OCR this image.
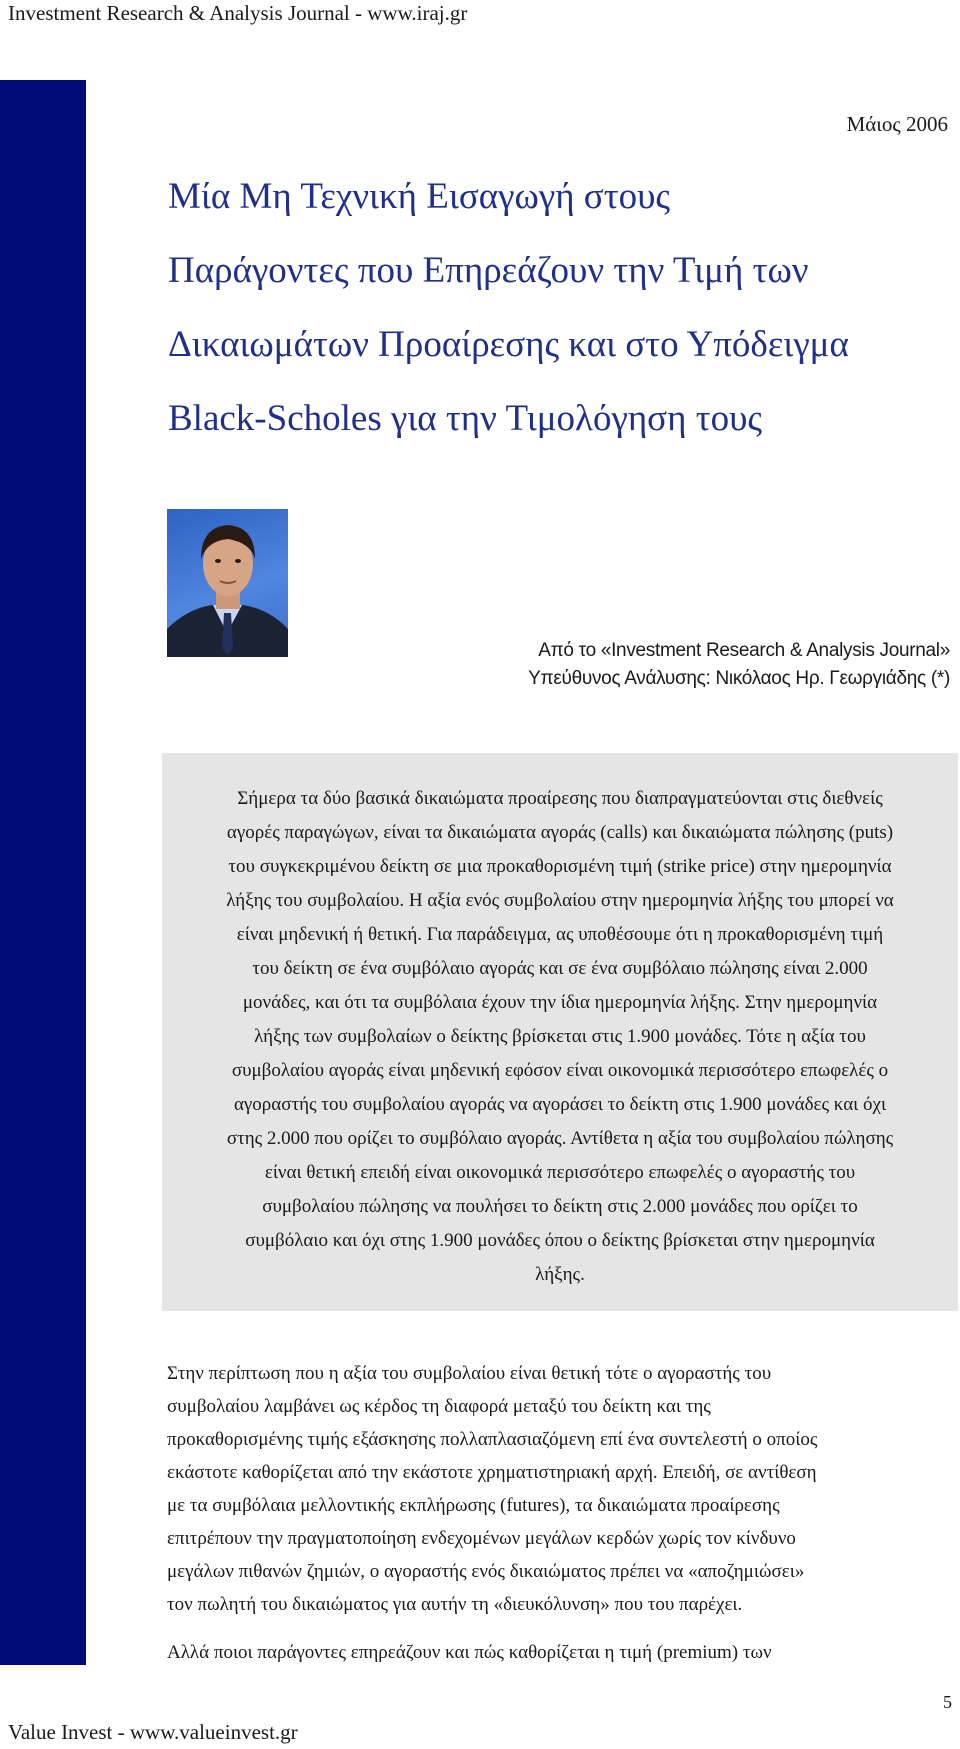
Investment Research & Analysis Journal - www.iraj.gr
Μάιος 2006
Μία Μη Τεχνική Εισαγωγή στους
Παράγοντες που Επηρεάζουν την Τιμή των
Δικαιωμάτων Προαίρεσης και στο Υπόδειγμα
Black-Scholes για την Τιμολόγηση τους
Από το «Investment Research & Analysis Journal»
Υπεύθυνος Ανάλυσης: Νικόλαος Ηρ. Γεωργιάδης (*)
Σήμερα τα δύο βασικά δικαιώματα προαίρεσης που διαπραγματεύονται στις διεθνείς
αγορές παραγώγων, είναι τα δικαιώματα αγοράς (calls) και δικαιώματα πώλησης (puts)
του συγκεκριμένου δείκτη σε μια προκαθορισμένη τιμή (strike price) στην ημερομηνία
λήξης του συμβολαίου. Η αξία ενός συμβολαίου στην ημερομηνία λήξης του μπορεί να
είναι μηδενική ή θετική. Για παράδειγμα, ας υποθέσουμε ότι η προκαθορισμένη τιμή
του δείκτη σε ένα συμβόλαιο αγοράς και σε ένα συμβόλαιο πώλησης είναι 2.000
μονάδες, και ότι τα συμβόλαια έχουν την ίδια ημερομηνία λήξης. Στην ημερομηνία
λήξης των συμβολαίων ο δείκτης βρίσκεται στις 1.900 μονάδες. Τότε η αξία του
συμβολαίου αγοράς είναι μηδενική εφόσον είναι οικονομικά περισσότερο επωφελές ο
αγοραστής του συμβολαίου αγοράς να αγοράσει το δείκτη στις 1.900 μονάδες και όχι
στης 2.000 που ορίζει το συμβόλαιο αγοράς. Αντίθετα η αξία του συμβολαίου πώλησης
είναι θετική επειδή είναι οικονομικά περισσότερο επωφελές ο αγοραστής του
συμβολαίου πώλησης να πουλήσει το δείκτη στις 2.000 μονάδες που ορίζει το
συμβόλαιο και όχι στης 1.900 μονάδες όπου ο δείκτης βρίσκεται στην ημερομηνία
λήξης.
Στην περίπτωση που η αξία του συμβολαίου είναι θετική τότε ο αγοραστής του
συμβολαίου λαμβάνει ως κέρδος τη διαφορά μεταξύ του δείκτη και της
προκαθορισμένης τιμής εξάσκησης πολλαπλασιαζόμενη επί ένα συντελεστή ο οποίος
εκάστοτε καθορίζεται από την εκάστοτε χρηματιστηριακή αρχή. Επειδή, σε αντίθεση
με τα συμβόλαια μελλοντικής εκπλήρωσης (futures), τα δικαιώματα προαίρεσης
επιτρέπουν την πραγματοποίηση ενδεχομένων μεγάλων κερδών χωρίς τον κίνδυνο
μεγάλων πιθανών ζημιών, ο αγοραστής ενός δικαιώματος πρέπει να «αποζημιώσει»
τον πωλητή του δικαιώματος για αυτήν τη «διευκόλυνση» που του παρέχει.
Αλλά ποιοι παράγοντες επηρεάζουν και πώς καθορίζεται η τιμή (premium) των
5
Value Invest - www.valueinvest.gr
